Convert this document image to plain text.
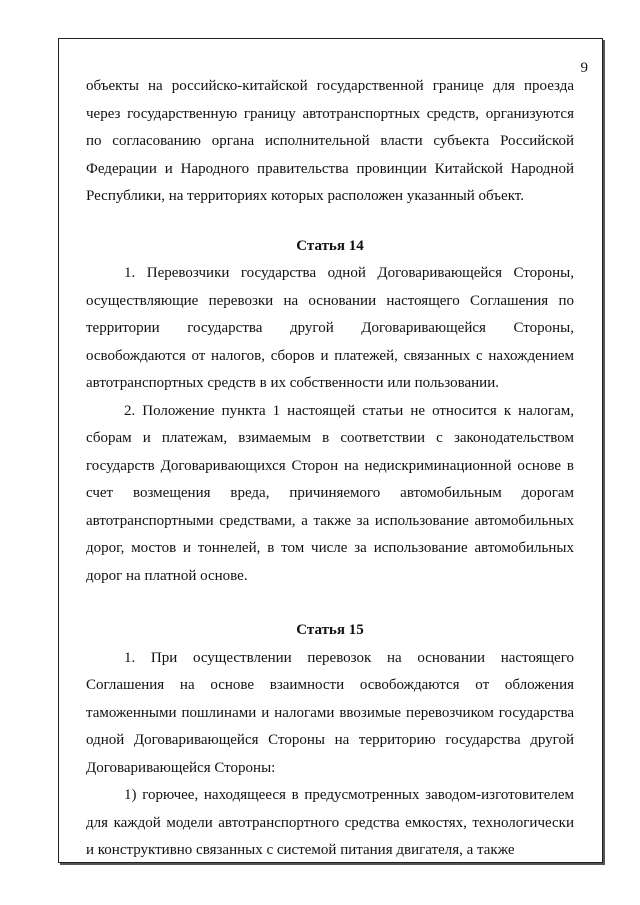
9

объекты на российско-китайской государственной границе для проезда через государственную границу автотранспортных средств, организуются по согласованию органа исполнительной власти субъекта Российской Федерации и Народного правительства провинции Китайской Народной Республики, на территориях которых расположен указанный объект.

Статья 14

1. Перевозчики государства одной Договаривающейся Стороны, осуществляющие перевозки на основании настоящего Соглашения по территории государства другой Договаривающейся Стороны, освобождаются от налогов, сборов и платежей, связанных с нахождением автотранспортных средств в их собственности или пользовании.

2. Положение пункта 1 настоящей статьи не относится к налогам, сборам и платежам, взимаемым в соответствии с законодательством государств Договаривающихся Сторон на недискриминационной основе в счет возмещения вреда, причиняемого автомобильным дорогам автотранспортными средствами, а также за использование автомобильных дорог, мостов и тоннелей, в том числе за использование автомобильных дорог на платной основе.

Статья 15

1. При осуществлении перевозок на основании настоящего Соглашения на основе взаимности освобождаются от обложения таможенными пошлинами и налогами ввозимые перевозчиком государства одной Договаривающейся Стороны на территорию государства другой Договаривающейся Стороны:

1) горючее, находящееся в предусмотренных заводом-изготовителем для каждой модели автотранспортного средства емкостях, технологически и конструктивно связанных с системой питания двигателя, а также
